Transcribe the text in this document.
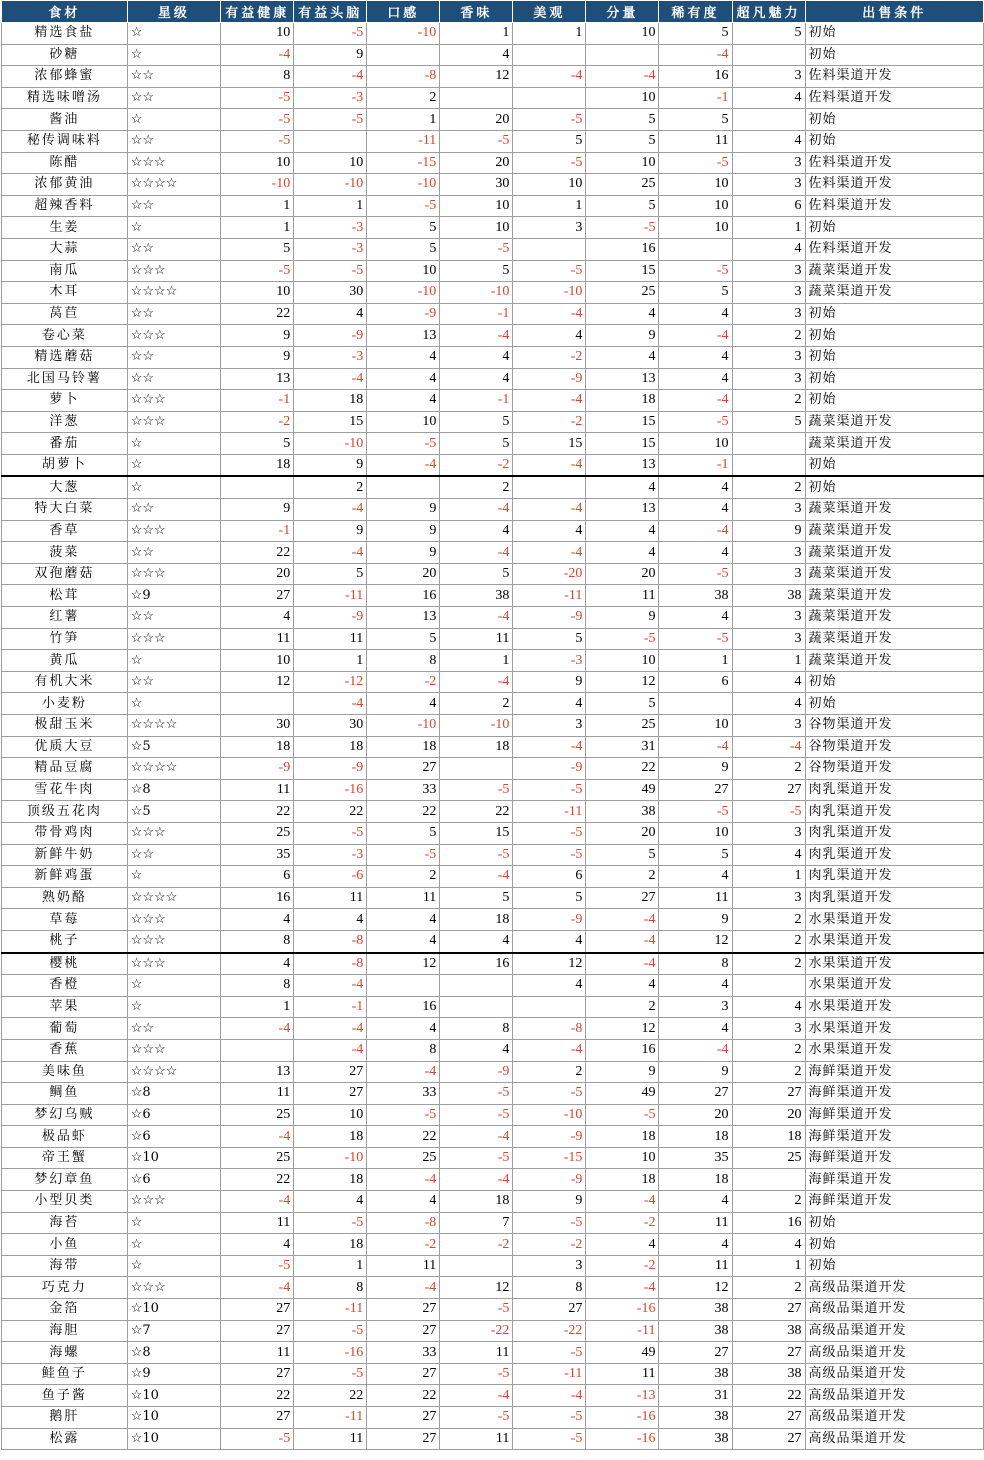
食材	星级	有益健康	有益头脑	口感	香味	美观	分量	稀有度	超凡魅力	出售条件
精选食盐	☆	10	-5	-10	1	1	10	5	5	初始
砂糖	☆	-4	9		4			-4		初始
浓郁蜂蜜	☆☆	8	-4	-8	12	-4	-4	16	3	佐料渠道开发
精选味噌汤	☆☆	-5	-3	2			10	-1	4	佐料渠道开发
酱油	☆	-5	-5	1	20	-5	5	5		初始
秘传调味料	☆☆	-5		-11	-5	5	5	11	4	初始
陈醋	☆☆☆	10	10	-15	20	-5	10	-5	3	佐料渠道开发
浓郁黄油	☆☆☆☆	-10	-10	-10	30	10	25	10	3	佐料渠道开发
超辣香料	☆☆	1	1	-5	10	1	5	10	6	佐料渠道开发
生姜	☆	1	-3	5	10	3	-5	10	1	初始
大蒜	☆☆	5	-3	5	-5		16		4	佐料渠道开发
南瓜	☆☆☆	-5	-5	10	5	-5	15	-5	3	蔬菜渠道开发
木耳	☆☆☆☆	10	30	-10	-10	-10	25	5	3	蔬菜渠道开发
莴苣	☆☆	22	4	-9	-1	-4	4	4	3	初始
卷心菜	☆☆☆	9	-9	13	-4	4	9	-4	2	初始
精选蘑菇	☆☆	9	-3	4	4	-2	4	4	3	初始
北国马铃薯	☆☆	13	-4	4	4	-9	13	4	3	初始
萝卜	☆☆☆	-1	18	4	-1	-4	18	-4	2	初始
洋葱	☆☆☆	-2	15	10	5	-2	15	-5	5	蔬菜渠道开发
番茄	☆	5	-10	-5	5	15	15	10		蔬菜渠道开发
胡萝卜	☆	18	9	-4	-2	-4	13	-1		初始
大葱	☆		2		2		4	4	2	初始
特大白菜	☆☆	9	-4	9	-4	-4	13	4	3	蔬菜渠道开发
香草	☆☆☆	-1	9	9	4	4	4	-4	9	蔬菜渠道开发
菠菜	☆☆	22	-4	9	-4	-4	4	4	3	蔬菜渠道开发
双孢蘑菇	☆☆☆	20	5	20	5	-20	20	-5	3	蔬菜渠道开发
松茸	☆9	27	-11	16	38	-11	11	38	38	蔬菜渠道开发
红薯	☆☆	4	-9	13	-4	-9	9	4	3	蔬菜渠道开发
竹笋	☆☆☆	11	11	5	11	5	-5	-5	3	蔬菜渠道开发
黄瓜	☆	10	1	8	1	-3	10	1	1	蔬菜渠道开发
有机大米	☆☆	12	-12	-2	-4	9	12	6	4	初始
小麦粉	☆		-4	4	2	4	5		4	初始
极甜玉米	☆☆☆☆	30	30	-10	-10	3	25	10	3	谷物渠道开发
优质大豆	☆5	18	18	18	18	-4	31	-4	-4	谷物渠道开发
精品豆腐	☆☆☆☆	-9	-9	27		-9	22	9	2	谷物渠道开发
雪花牛肉	☆8	11	-16	33	-5	-5	49	27	27	肉乳渠道开发
顶级五花肉	☆5	22	22	22	22	-11	38	-5	-5	肉乳渠道开发
带骨鸡肉	☆☆☆	25	-5	5	15	-5	20	10	3	肉乳渠道开发
新鲜牛奶	☆☆	35	-3	-5	-5	-5	5	5	4	肉乳渠道开发
新鲜鸡蛋	☆	6	-6	2	-4	6	2	4	1	肉乳渠道开发
熟奶酪	☆☆☆☆	16	11	11	5	5	27	11	3	肉乳渠道开发
草莓	☆☆☆	4	4	4	18	-9	-4	9	2	水果渠道开发
桃子	☆☆☆	8	-8	4	4	4	-4	12	2	水果渠道开发
樱桃	☆☆☆	4	-8	12	16	12	-4	8	2	水果渠道开发
香橙	☆	8	-4			4	4	4		水果渠道开发
苹果	☆	1	-1	16			2	3	4	水果渠道开发
葡萄	☆☆	-4	-4	4	8	-8	12	4	3	水果渠道开发
香蕉	☆☆☆		-4	8	4	-4	16	-4	2	水果渠道开发
美味鱼	☆☆☆☆	13	27	-4	-9	2	9	9	2	海鲜渠道开发
鲷鱼	☆8	11	27	33	-5	-5	49	27	27	海鲜渠道开发
梦幻乌贼	☆6	25	10	-5	-5	-10	-5	20	20	海鲜渠道开发
极品虾	☆6	-4	18	22	-4	-9	18	18	18	海鲜渠道开发
帝王蟹	☆10	25	-10	25	-5	-15	10	35	25	海鲜渠道开发
梦幻章鱼	☆6	22	18	-4	-4	-9	18	18		海鲜渠道开发
小型贝类	☆☆☆	-4	4	4	18	9	-4	4	2	海鲜渠道开发
海苔	☆	11	-5	-8	7	-5	-2	11	16	初始
小鱼	☆	4	18	-2	-2	-2	4	4	4	初始
海带	☆	-5	1	11		3	-2	11	1	初始
巧克力	☆☆☆	-4	8	-4	12	8	-4	12	2	高级品渠道开发
金箔	☆10	27	-11	27	-5	27	-16	38	27	高级品渠道开发
海胆	☆7	27	-5	27	-22	-22	-11	38	38	高级品渠道开发
海螺	☆8	11	-16	33	11	-5	49	27	27	高级品渠道开发
鲑鱼子	☆9	27	-5	27	-5	-11	11	38	38	高级品渠道开发
鱼子酱	☆10	22	22	22	-4	-4	-13	31	22	高级品渠道开发
鹅肝	☆10	27	-11	27	-5	-5	-16	38	27	高级品渠道开发
松露	☆10	-5	11	27	11	-5	-16	38	27	高级品渠道开发
